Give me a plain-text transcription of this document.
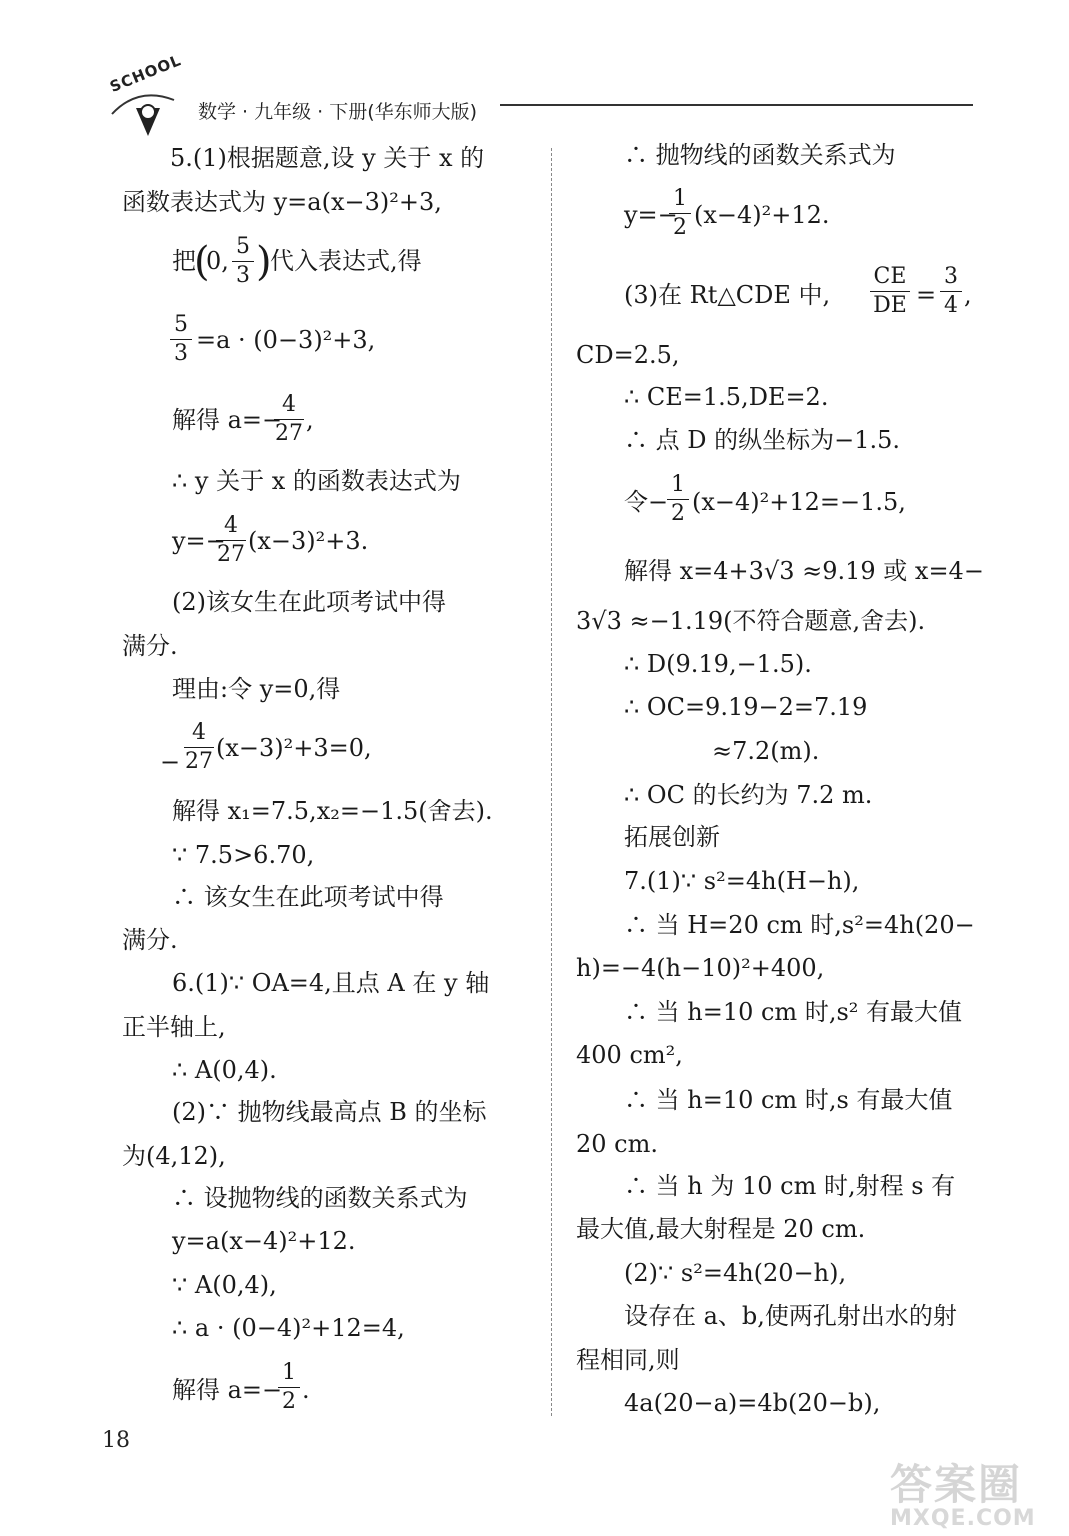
SCHOOL
数学 · 九年级 · 下册(华东师大版)
5.(1)根据题意,设 y 关于 x 的
函数表达式为 y=a(x−3)²+3,
把
(
0,
5
3 )
代入表达式,得
5
3 =a · (0−3)²+3,
解得 a=−
4
27 ,
∴ y 关于 x 的函数表达式为
y=−
4
27 (x−3)²+3.
(2)该女生在此项考试中得
满分.
理由:令 y=0,得
−
4
27 (x−3)²+3=0,
解得 x₁=7.5,x₂=−1.5(舍去).
∵ 7.5>6.70,
∴ 该女生在此项考试中得
满分.
6.(1)∵ OA=4,且点 A 在 y 轴
正半轴上,
∴ A(0,4).
(2)∵ 抛物线最高点 B 的坐标
为(4,12),
∴ 设抛物线的函数关系式为
y=a(x−4)²+12.
∵ A(0,4),
∴ a · (0−4)²+12=4,
解得 a=−
1
2 .
∴ 抛物线的函数关系式为
y=−
1
2 (x−4)²+12.
(3)在 Rt△CDE 中,
CE
DE =
3
4 ,
CD=2.5,
∴ CE=1.5,DE=2.
∴ 点 D 的纵坐标为−1.5.
令−
1
2 (x−4)²+12=−1.5,
解得 x=4+3√3 ≈9.19 或 x=4−
3√3 ≈−1.19(不符合题意,舍去).
∴ D(9.19,−1.5).
∴ OC=9.19−2=7.19
≈7.2(m).
∴ OC 的长约为 7.2 m.
拓展创新
7.(1)∵ s²=4h(H−h),
∴ 当 H=20 cm 时,s²=4h(20−
h)=−4(h−10)²+400,
∴ 当 h=10 cm 时,s² 有最大值
400 cm²,
∴ 当 h=10 cm 时,s 有最大值
20 cm.
∴ 当 h 为 10 cm 时,射程 s 有
最大值,最大射程是 20 cm.
(2)∵ s²=4h(20−h),
设存在 a、b,使两孔射出水的射
程相同,则
4a(20−a)=4b(20−b),
18
答案圈
MXQE.COM
